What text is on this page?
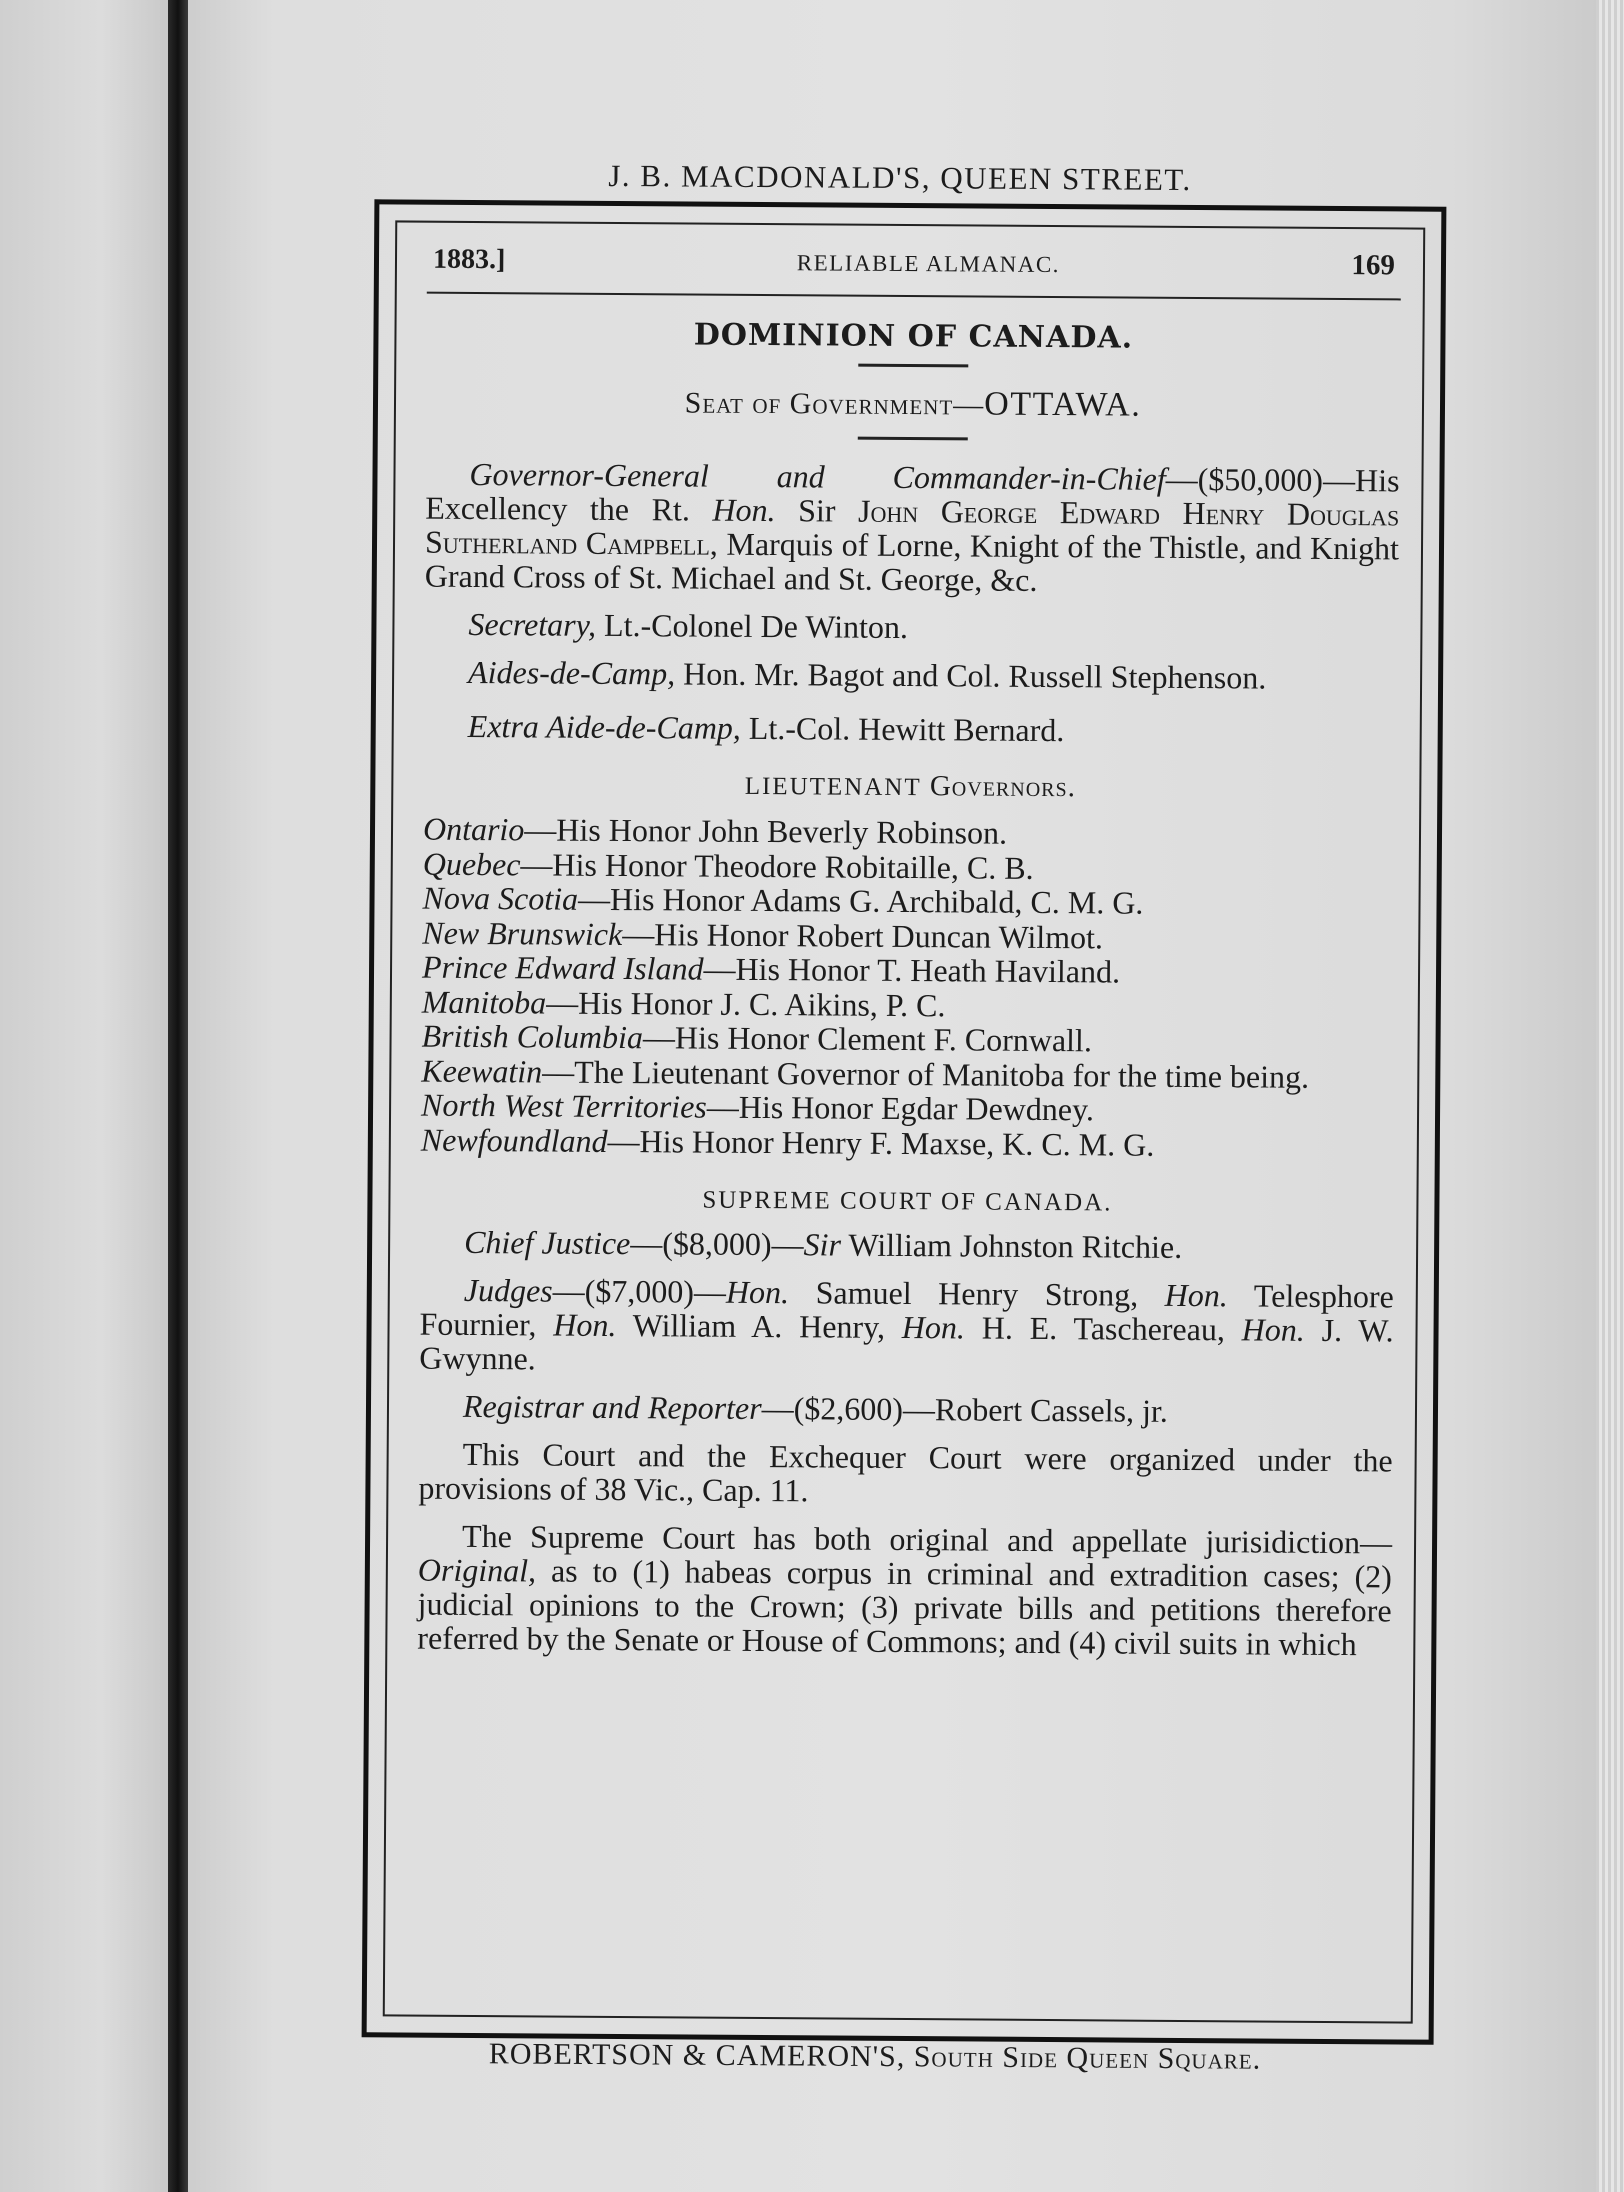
J. B. MACDONALD'S, QUEEN STREET.
1883.]	RELIABLE ALMANAC.	169
DOMINION OF CANADA.
Seat of Government—OTTAWA.

Governor-General and Commander-in-Chief—($50,000)—His Excellency the Rt. Hon. Sir John George Edward Henry Douglas Sutherland Campbell, Marquis of Lorne, Knight of the Thistle, and Knight Grand Cross of St. Michael and St. George, &c.

Secretary, Lt.-Colonel De Winton.

Aides-de-Camp, Hon. Mr. Bagot and Col. Russell Stephenson.

Extra Aide-de-Camp, Lt.-Col. Hewitt Bernard.

LIEUTENANT Governors.
Ontario—His Honor John Beverly Robinson.
Quebec—His Honor Theodore Robitaille, C. B.
Nova Scotia—His Honor Adams G. Archibald, C. M. G.
New Brunswick—His Honor Robert Duncan Wilmot.
Prince Edward Island—His Honor T. Heath Haviland.
Manitoba—His Honor J. C. Aikins, P. C.
British Columbia—His Honor Clement F. Cornwall.
Keewatin—The Lieutenant Governor of Manitoba for the time being.
North West Territories—His Honor Egdar Dewdney.
Newfoundland—His Honor Henry F. Maxse, K. C. M. G.
SUPREME COURT OF CANADA.

Chief Justice—($8,000)—Sir William Johnston Ritchie.

Judges—($7,000)—Hon. Samuel Henry Strong, Hon. Telesphore Fournier, Hon. William A. Henry, Hon. H. E. Taschereau, Hon. J. W. Gwynne.

Registrar and Reporter—($2,600)—Robert Cassels, jr.

This Court and the Exchequer Court were organized under the provisions of 38 Vic., Cap. 11.

The Supreme Court has both original and appellate jurisidiction—Original, as to (1) habeas corpus in criminal and extradition cases; (2) judicial opinions to the Crown; (3) private bills and petitions therefore referred by the Senate or House of Commons; and (4) civil suits in which

ROBERTSON & CAMERON'S, South Side Queen Square.
